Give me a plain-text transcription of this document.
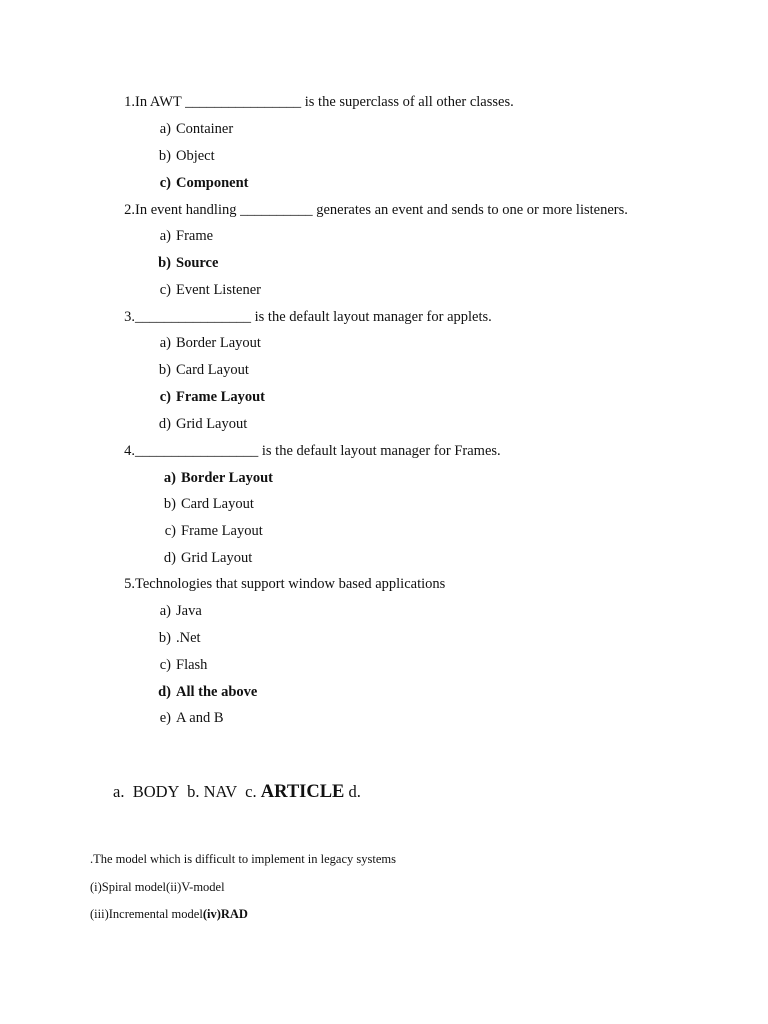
1. In AWT ________________ is the superclass of all other classes.
a) Container
b) Object
c) Component
2. In event handling __________ generates an event and sends to one or more listeners.
a) Frame
b) Source
c) Event Listener
3. ________________ is the default layout manager for applets.
a) Border Layout
b) Card Layout
c) Frame Layout
d) Grid Layout
4. _________________ is the default layout manager for Frames.
a) Border Layout
b) Card Layout
c) Frame Layout
d) Grid Layout
5. Technologies that support window based applications
a) Java
b) .Net
c) Flash
d) All the above
e) A and B
a.  BODY  b. NAV  c. ARTICLE d.
.The model which is difficult to implement in legacy systems
(i)Spiral model(ii)V-model
(iii)Incremental model(iv)RAD
